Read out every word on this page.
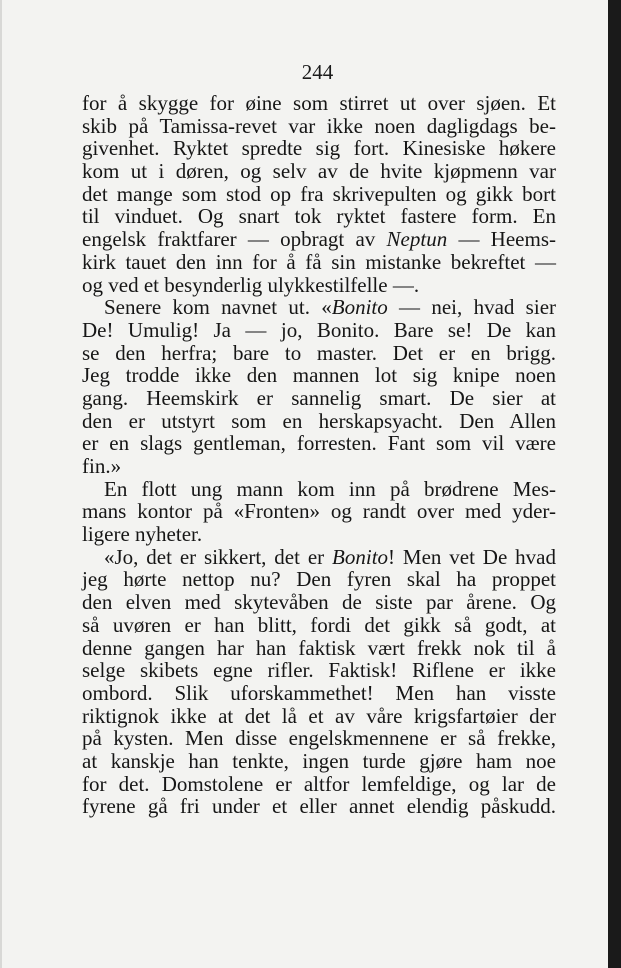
244
for å skygge for øine som stirret ut over sjøen. Et
skib på Tamissa-revet var ikke noen dagligdags be-
givenhet. Ryktet spredte sig fort. Kinesiske høkere
kom ut i døren, og selv av de hvite kjøpmenn var
det mange som stod op fra skrivepulten og gikk bort
til vinduet. Og snart tok ryktet fastere form. En
engelsk fraktfarer — opbragt av Neptun — Heems-
kirk tauet den inn for å få sin mistanke bekreftet —
og ved et besynderlig ulykkestilfelle —.
Senere kom navnet ut. «Bonito — nei, hvad sier
De! Umulig! Ja — jo, Bonito. Bare se! De kan
se den herfra; bare to master. Det er en brigg.
Jeg trodde ikke den mannen lot sig knipe noen
gang. Heemskirk er sannelig smart. De sier at
den er utstyrt som en herskapsyacht. Den Allen
er en slags gentleman, forresten. Fant som vil være
fin.»
En flott ung mann kom inn på brødrene Mes-
mans kontor på «Fronten» og randt over med yder-
ligere nyheter.
«Jo, det er sikkert, det er Bonito! Men vet De hvad
jeg hørte nettop nu? Den fyren skal ha proppet
den elven med skytevåben de siste par årene. Og
så uvøren er han blitt, fordi det gikk så godt, at
denne gangen har han faktisk vært frekk nok til å
selge skibets egne rifler. Faktisk! Riflene er ikke
ombord. Slik uforskammethet! Men han visste
riktignok ikke at det lå et av våre krigsfartøier der
på kysten. Men disse engelskmennene er så frekke,
at kanskje han tenkte, ingen turde gjøre ham noe
for det. Domstolene er altfor lemfeldige, og lar de
fyrene gå fri under et eller annet elendig påskudd.
